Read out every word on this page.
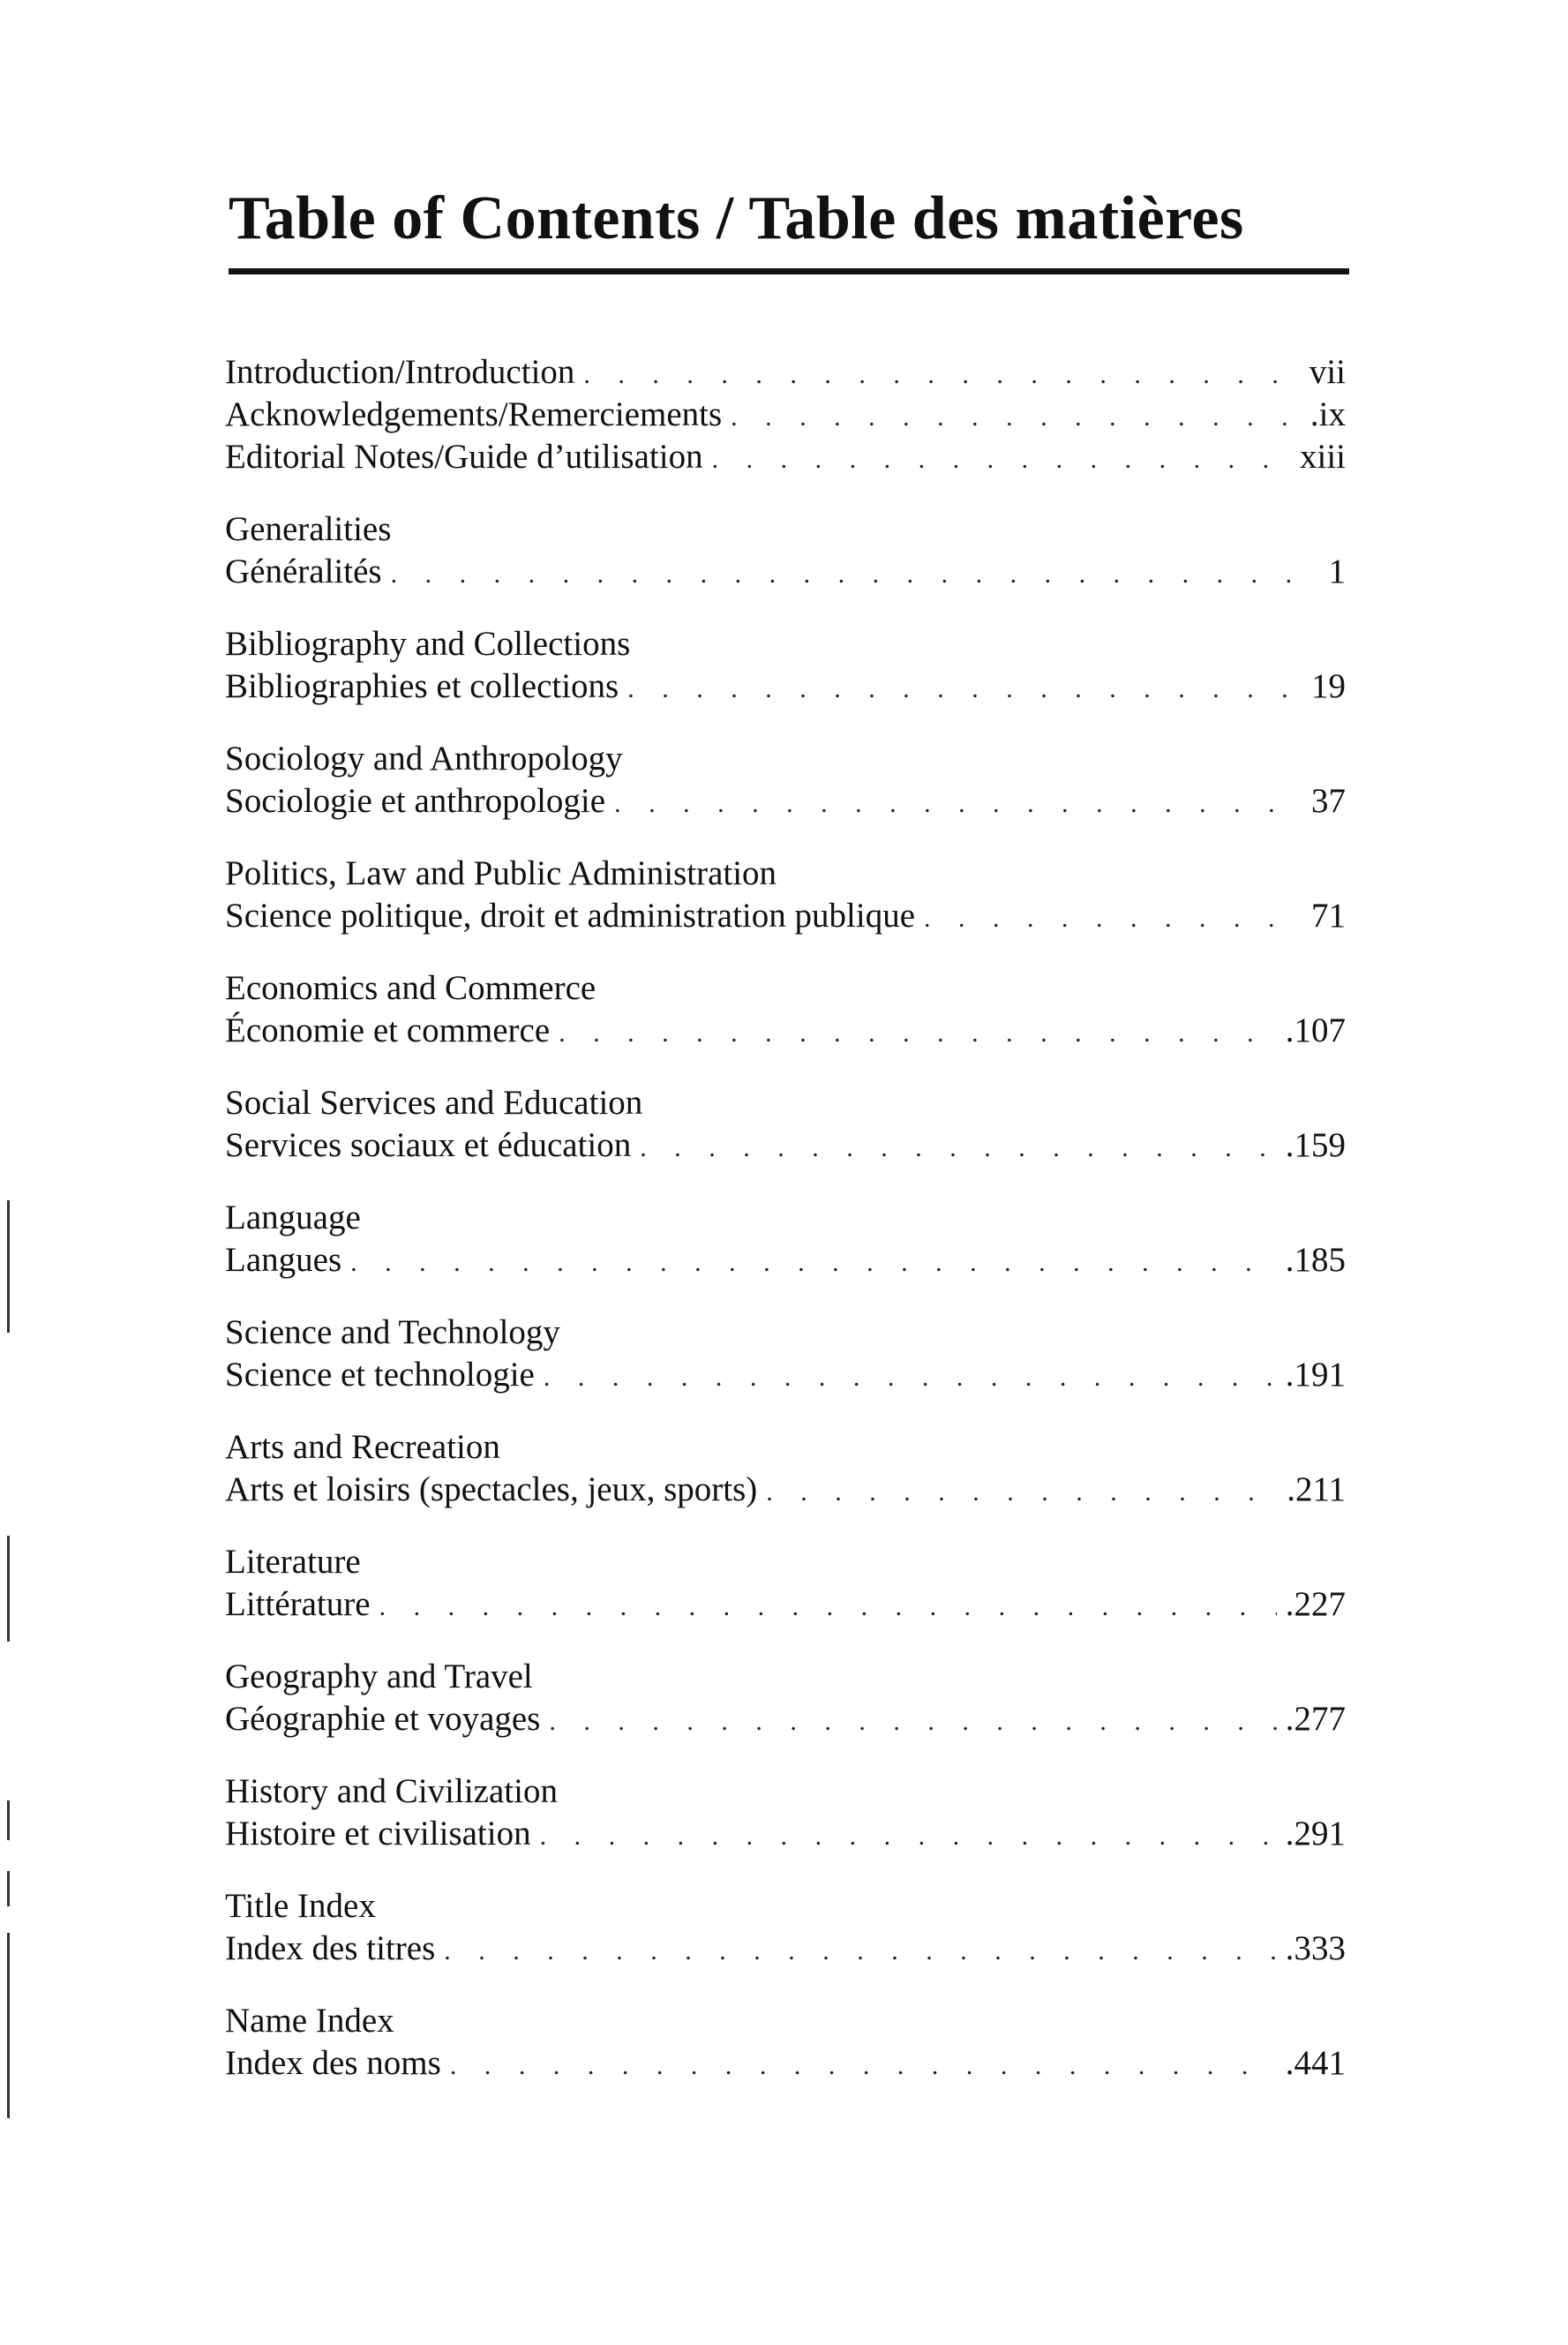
Table of Contents / Table des matières
Introduction/Introduction . . .	vii
Acknowledgements/Remerciements . . .	.ix
Editorial Notes/Guide d’utilisation . . .	xiii
Generalities
Généralités . . .	1
Bibliography and Collections
Bibliographies et collections . . .	19
Sociology and Anthropology
Sociologie et anthropologie . . .	37
Politics, Law and Public Administration
Science politique, droit et administration publique . . .	71
Economics and Commerce
Économie et commerce . . .	.107
Social Services and Education
Services sociaux et éducation . . .	.159
Language
Langues . . .	.185
Science and Technology
Science et technologie . . .	.191
Arts and Recreation
Arts et loisirs (spectacles, jeux, sports) . . .	.211
Literature
Littérature . . .	.227
Geography and Travel
Géographie et voyages . . .	.277
History and Civilization
Histoire et civilisation . . .	.291
Title Index
Index des titres . . .	.333
Name Index
Index des noms . . .	.441
